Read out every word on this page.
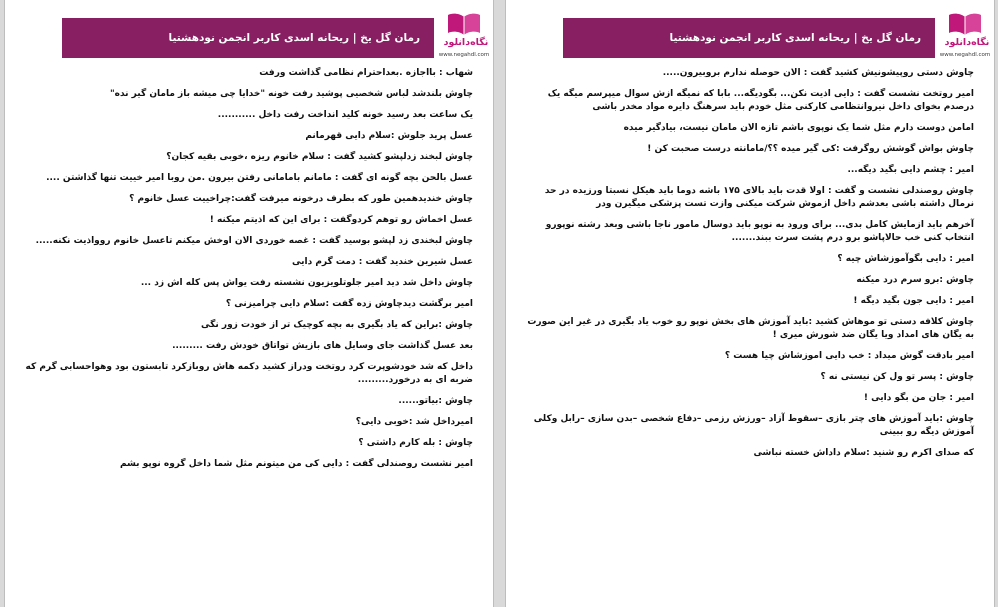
رمان گل یخ | ریحانه اسدی کاربر انجمن نودهشتیا	نگاه‌دانلود
www.negahdl.com

شهاب : بااجازه .بعداحترام نظامی گذاشت ورفت

چاوش بلندشد لباس شخصیی پوشید رفت خونه "خدایا چی میشه باز مامان گیر نده"

یک ساعت بعد رسید خونه کلید انداخت رفت داخل ...........

عسل پرید جلوش :سلام دایی قهرمانم

چاوش لبخند زدلپشو کشید گفت : سلام خانوم ریزه ،خوبی بقیه کجان؟

عسل بالحن بچه گونه ای گفت : مامانم بامامانی رفتن بیرون .من روبا امیر خییت تنها گذاشتن ....

چاوش خندیدهمین طور که بطرف درخونه میرفت گفت:چراخییت عسل خانوم ؟

عسل اخماش رو توهم کردوگفت : برای این که اذیتم میکنه !

چاوش لبخندی زد لپشو بوسید گفت : غصه خوردی الان اوخش میکنم تاعسل خانوم روواذیت نکنه.....

عسل شیرین خندید گفت : دمت گرم دایی

چاوش داخل شد دید امیر جلوتلویزیون نشسته رفت یواش پس کله اش زد ...

امیر برگشت دیدچاوش زده گفت :سلام دایی چرامیزنی ؟

چاوش :براین که یاد بگیری به بچه کوچیک تر از خودت زور نگی

بعد عسل گذاشت جای وسایل های بازیش تواتاق خودش رفت .........

داخل که شد خودشوپرت کرد روتخت ودراز کشید دکمه هاش روبازکرد تابستون بود وهواحسابی گرم که ضربه ای به درخورد.........

چاوش :بیاتو......

امیرداخل شد :خوبی دایی؟

چاوش : بله کارم داشتی ؟

امیر نشست روصندلی گفت : دایی کی من میتونم مثل شما داخل گروه نوپو بشم

رمان گل یخ | ریحانه اسدی کاربر انجمن نودهشتیا	نگاه‌دانلود
www.negahdl.com

چاوش دستی روپیشونیش کشید گفت : الان حوصله ندارم بروبیرون.....

امیر روتخت نشست گفت : دایی اذیت نکن... بگودیگه... بابا که نمیگه ازش سوال میپرسم میگه یک درصدم بخوای داخل نیروانتظامی کارکنی مثل خودم باید سرهنگ دایره مواد مخدر باشی

امامن دوست دارم مثل شما یک نوپوی باشم تازه الان مامان نیست، بیادگیر میده

چاوش بواش گوشش روگرفت :کی گیر میده ؟؟/مامانته درست صحبت کن !

امیر : چشم دایی بگید دیگه...

چاوش روصندلی نشست و گفت : اولا قدت باید بالای ۱۷۵ باشه دوما باید هیکل نسبتا ورزیده در حد نرمال داشته باشی بعدشم داخل ازموش شرکت میکنی وازت تست پزشکی میگیرن ودر

آخرهم باید ازمایش کامل بدی... برای ورود به نوپو باید دوسال مامور ناجا باشی وبعد رشته نوپورو انتخاب کنی خب حالاپاشو برو درم پشت سرت ببند.......

امیر : دایی بگوآموزشاش چیه ؟

چاوش :برو سرم درد میکنه

امیر : دایی جون بگید دیگه !

چاوش کلافه دستی تو موهاش کشید :باید آموزش های بخش نوپو رو خوب یاد بگیری در غیر این صورت به یگان های امداد ویا یگان ضد شورش میری !

امیر بادقت گوش میداد : خب دایی اموزشاش چیا هست ؟

چاوش : پسر تو ول کن نیستی نه ؟

امیر : جان من بگو دایی !

چاوش :باید آموزش های چتر بازی –سقوط آزاد –ورزش رزمی –دفاع شخصی –بدن سازی –رابل وکلی آموزش دیگه رو ببینی

که صدای اکرم رو شنید :سلام داداش خسته نباشی
